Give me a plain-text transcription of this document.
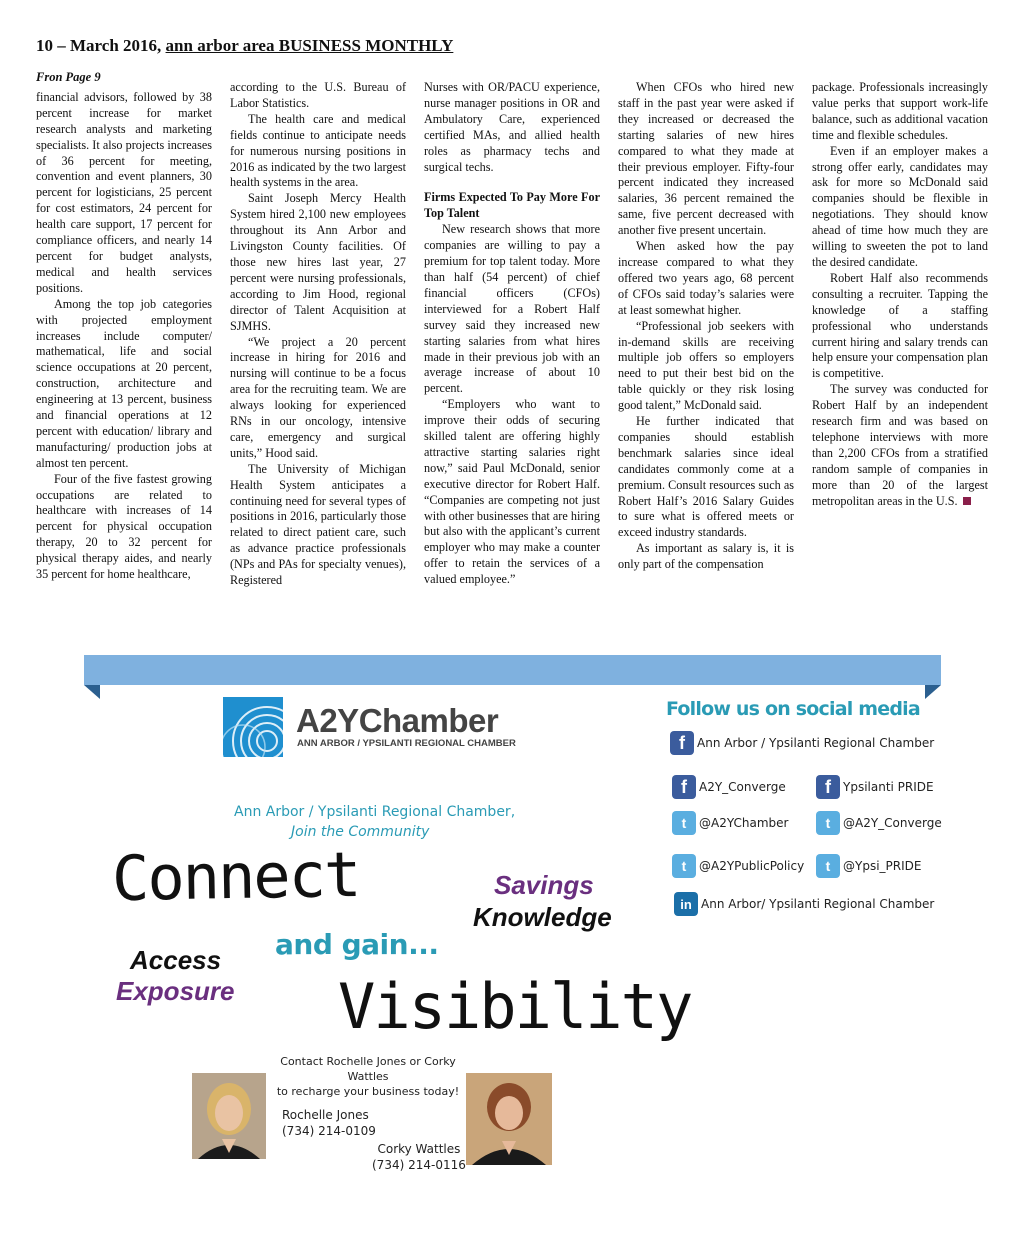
10 – March 2016, ann arbor area BUSINESS MONTHLY
Fron Page 9

financial advisors, followed by 38 percent increase for market research analysts and marketing specialists. It also projects increases of 36 percent for meeting, convention and event planners, 30 percent for logisticians, 25 percent for cost estimators, 24 percent for health care support, 17 percent for compliance officers, and nearly 14 percent for budget analysts, medical and health services positions.

Among the top job categories with projected employment increases include computer/ mathematical, life and social science occupations at 20 percent, construction, architecture and engineering at 13 percent, business and financial operations at 12 percent with education/ library and manufacturing/ production jobs at almost ten percent.

Four of the five fastest growing occupations are related to healthcare with increases of 14 percent for physical occupation therapy, 20 to 32 percent for physical therapy aides, and nearly 35 percent for home healthcare,

according to the U.S. Bureau of Labor Statistics.

The health care and medical fields continue to anticipate needs for numerous nursing positions in 2016 as indicated by the two largest health systems in the area.

Saint Joseph Mercy Health System hired 2,100 new employees throughout its Ann Arbor and Livingston County facilities. Of those new hires last year, 27 percent were nursing professionals, according to Jim Hood, regional director of Talent Acquisition at SJMHS.

“We project a 20 percent increase in hiring for 2016 and nursing will continue to be a focus area for the recruiting team. We are always looking for experienced RNs in our oncology, intensive care, emergency and surgical units,” Hood said.

The University of Michigan Health System anticipates a continuing need for several types of positions in 2016, particularly those related to direct patient care, such as advance practice professionals (NPs and PAs for specialty venues), Registered

Nurses with OR/PACU experience, nurse manager positions in OR and Ambulatory Care, experienced certified MAs, and allied health roles as pharmacy techs and surgical techs.

Firms Expected To Pay More For Top Talent

New research shows that more companies are willing to pay a premium for top talent today. More than half (54 percent) of chief financial officers (CFOs) interviewed for a Robert Half survey said they increased new starting salaries from what hires made in their previous job with an average increase of about 10 percent.

“Employers who want to improve their odds of securing skilled talent are offering highly attractive starting salaries right now,” said Paul McDonald, senior executive director for Robert Half. “Companies are competing not just with other businesses that are hiring but also with the applicant’s current employer who may make a counter offer to retain the services of a valued employee.”

When CFOs who hired new staff in the past year were asked if they increased or decreased the starting salaries of new hires compared to what they made at their previous employer. Fifty-four percent indicated they increased salaries, 36 percent remained the same, five percent decreased with another five present uncertain.

When asked how the pay increase compared to what they offered two years ago, 68 percent of CFOs said today’s salaries were at least somewhat higher.

“Professional job seekers with in-demand skills are receiving multiple job offers so employers need to put their best bid on the table quickly or they risk losing good talent,” McDonald said.

He further indicated that companies should establish benchmark salaries since ideal candidates commonly come at a premium. Consult resources such as Robert Half’s 2016 Salary Guides to sure what is offered meets or exceed industry standards.

As important as salary is, it is only part of the compensation

package. Professionals increasingly value perks that support work-life balance, such as additional vacation time and flexible schedules.

Even if an employer makes a strong offer early, candidates may ask for more so McDonald said companies should be flexible in negotiations. They should know ahead of time how much they are willing to sweeten the pot to land the desired candidate.

Robert Half also recommends consulting a recruiter. Tapping the knowledge of a staffing professional who understands current hiring and salary trends can help ensure your compensation plan is competitive.

The survey was conducted for Robert Half by an independent research firm and was based on telephone interviews with more than 2,200 CFOs from a stratified random sample of companies in more than 20 of the largest metropolitan areas in the U.S.

A2YChamber
ANN ARBOR / YPSILANTI REGIONAL CHAMBER
Ann Arbor / Ypsilanti Regional Chamber,
Join the Community
Connect	Savings
Knowledge
and gain...
Access
Exposure Visibility
Contact Rochelle Jones or Corky Wattles
to recharge your business today!
Rochelle Jones
(734) 214-0109
Corky Wattles
(734) 214-0116
Follow us on social media
f	Ann Arbor / Ypsilanti Regional Chamber
f	A2Y_Converge	f	Ypsilanti PRIDE
t	@A2YChamber	t	@A2Y_Converge
t	@A2YPublicPolicy	t	@Ypsi_PRIDE
in Ann Arbor/ Ypsilanti Regional Chamber
